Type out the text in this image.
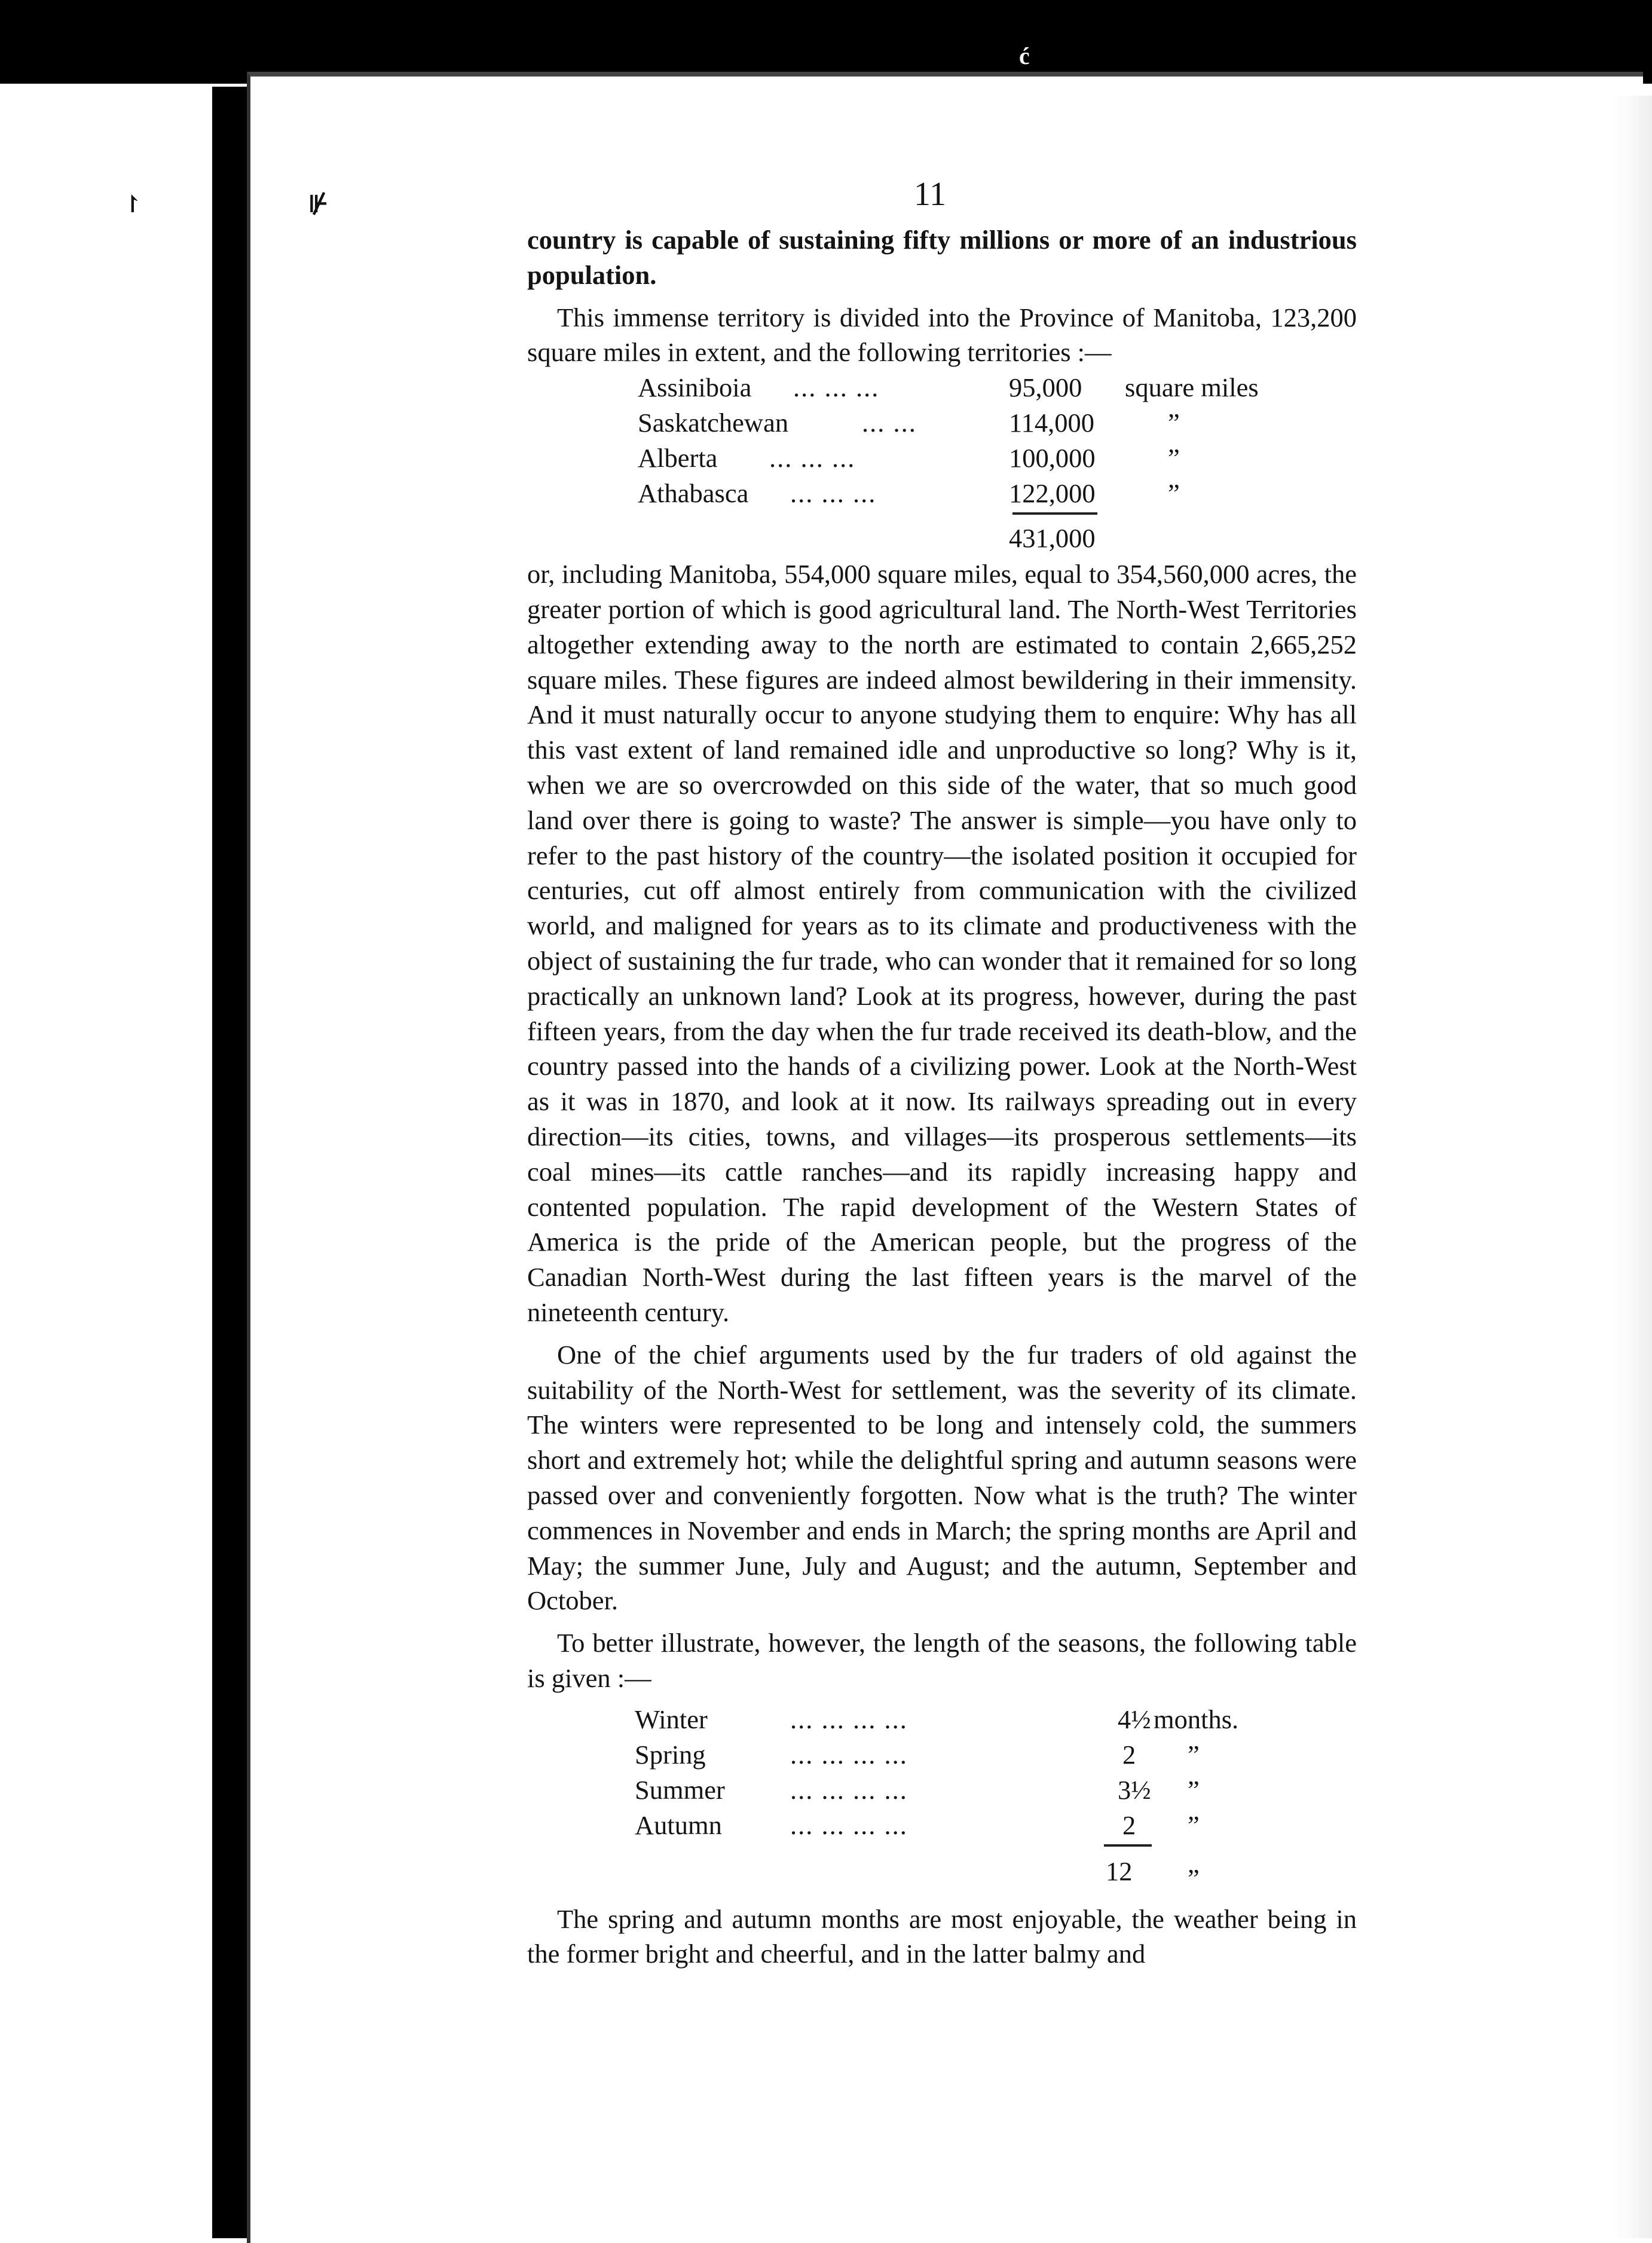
↾	⊮
ć
11

country is capable of sustaining fifty millions or more of an industrious population.

This immense territory is divided into the Province of Manitoba, 123,200 square miles in extent, and the following territories :—

Assiniboia ... ... ...	95,000 square miles
Saskatchewan	... ...	114,000	”
Alberta ... ... ...	100,000	”
Athabasca ... ... ...	122,000	”
431,000

or, including Manitoba, 554,000 square miles, equal to 354,560,000 acres, the greater portion of which is good agricultural land. The North-West Territories altogether extending away to the north are estimated to contain 2,665,252 square miles. These figures are indeed almost bewildering in their immensity. And it must naturally occur to anyone studying them to enquire: Why has all this vast extent of land remained idle and unproductive so long? Why is it, when we are so overcrowded on this side of the water, that so much good land over there is going to waste? The answer is simple—you have only to refer to the past history of the country—the isolated position it occupied for centuries, cut off almost entirely from communication with the civilized world, and maligned for years as to its climate and productiveness with the object of sustaining the fur trade, who can wonder that it remained for so long practically an unknown land? Look at its progress, however, during the past fifteen years, from the day when the fur trade received its death-blow, and the country passed into the hands of a civilizing power. Look at the North-West as it was in 1870, and look at it now. Its railways spreading out in every direction—its cities, towns, and villages—its prosperous settlements—its coal mines—its cattle ranches—and its rapidly increasing happy and contented population. The rapid development of the Western States of America is the pride of the American people, but the progress of the Canadian North-West during the last fifteen years is the marvel of the nineteenth century.

One of the chief arguments used by the fur traders of old against the suitability of the North-West for settlement, was the severity of its climate. The winters were represented to be long and intensely cold, the summers short and extremely hot; while the delightful spring and autumn seasons were passed over and conveniently forgotten. Now what is the truth? The winter commences in November and ends in March; the spring months are April and May; the summer June, July and August; and the autumn, September and October.

To better illustrate, however, the length of the seasons, the following table is given :—

Winter	... ... ... ...	4½ months.
Spring	... ... ... ...	2 ”
Summer ... ... ... ...	3½ ”
Autumn	... ... ... ...	2 ”
12 ”

The spring and autumn months are most enjoyable, the weather being in the former bright and cheerful, and in the latter balmy and
